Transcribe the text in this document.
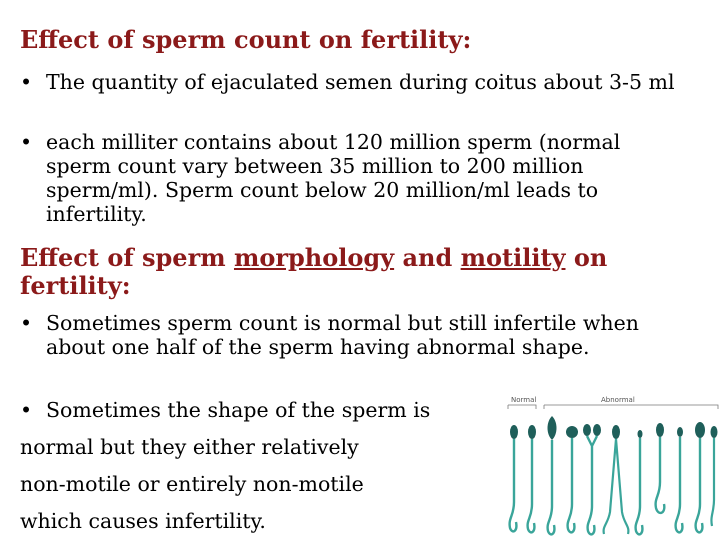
Effect of sperm count on fertility:
• The quantity of ejaculated semen during coitus about 3-5 ml
• each milliter contains about 120 million sperm (normal sperm count vary between 35 million to 200 million sperm/ml). Sperm count below 20 million/ml leads to infertility.
Effect of sperm morphology and motility on fertility:
• Sometimes sperm count is normal but still infertile when about one half of the sperm having abnormal shape.
• Sometimes the shape of the sperm is

normal but they either relatively

non-motile or entirely non-motile

which causes infertility.

Normal	Abnormal
